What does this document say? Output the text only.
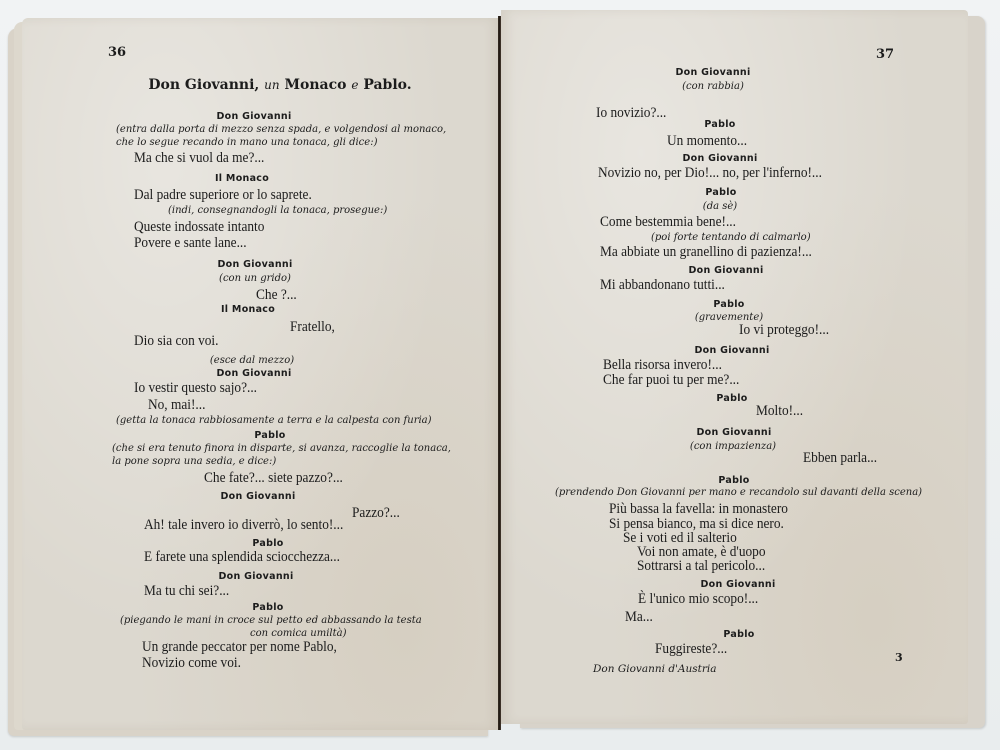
36
Don Giovanni, un Monaco e Pablo.
Don Giovanni
(entra dalla porta di mezzo senza spada, e volgendosi al monaco,
che lo segue recando in mano una tonaca, gli dice:)
Ma che si vuol da me?...
Il Monaco
Dal padre superiore or lo saprete.
(indi, consegnandogli la tonaca, prosegue:)
Queste indossate intanto
Povere e sante lane...
Don Giovanni
(con un grido)
Che ?...
Il Monaco
Fratello,
Dio sia con voi.
(esce dal mezzo)
Don Giovanni
Io vestir questo sajo?...
No, mai!...
(getta la tonaca rabbiosamente a terra e la calpesta con furia)
Pablo
(che si era tenuto finora in disparte, si avanza, raccoglie la tonaca,
la pone sopra una sedia, e dice:)
Che fate?... siete pazzo?...
Don Giovanni
Pazzo?...
Ah! tale invero io diverrò, lo sento!...
Pablo
E farete una splendida sciocchezza...
Don Giovanni
Ma tu chi sei?...
Pablo
(piegando le mani in croce sul petto ed abbassando la testa
con comica umiltà)
Un grande peccator per nome Pablo,
Novizio come voi.
37
Don Giovanni
(con rabbia)
Io novizio?...
Pablo
Un momento...
Don Giovanni
Novizio no, per Dio!... no, per l'inferno!...
Pablo
(da sè)
Come bestemmia bene!...
(poi forte tentando di calmarlo)
Ma abbiate un granellino di pazienza!...
Don Giovanni
Mi abbandonano tutti...
Pablo
(gravemente)
Io vi proteggo!...
Don Giovanni
Bella risorsa invero!...
Che far puoi tu per me?...
Pablo
Molto!...
Don Giovanni
(con impazienza)
Ebben parla...
Pablo
(prendendo Don Giovanni per mano e recandolo sul davanti della scena)
Più bassa la favella: in monastero
Si pensa bianco, ma si dice nero.
Se i voti ed il salterio
Voi non amate, è d'uopo
Sottrarsi a tal pericolo...
Don Giovanni
È l'unico mio scopo!...
Ma...
Pablo
Fuggireste?...
Don Giovanni d'Austria
3
